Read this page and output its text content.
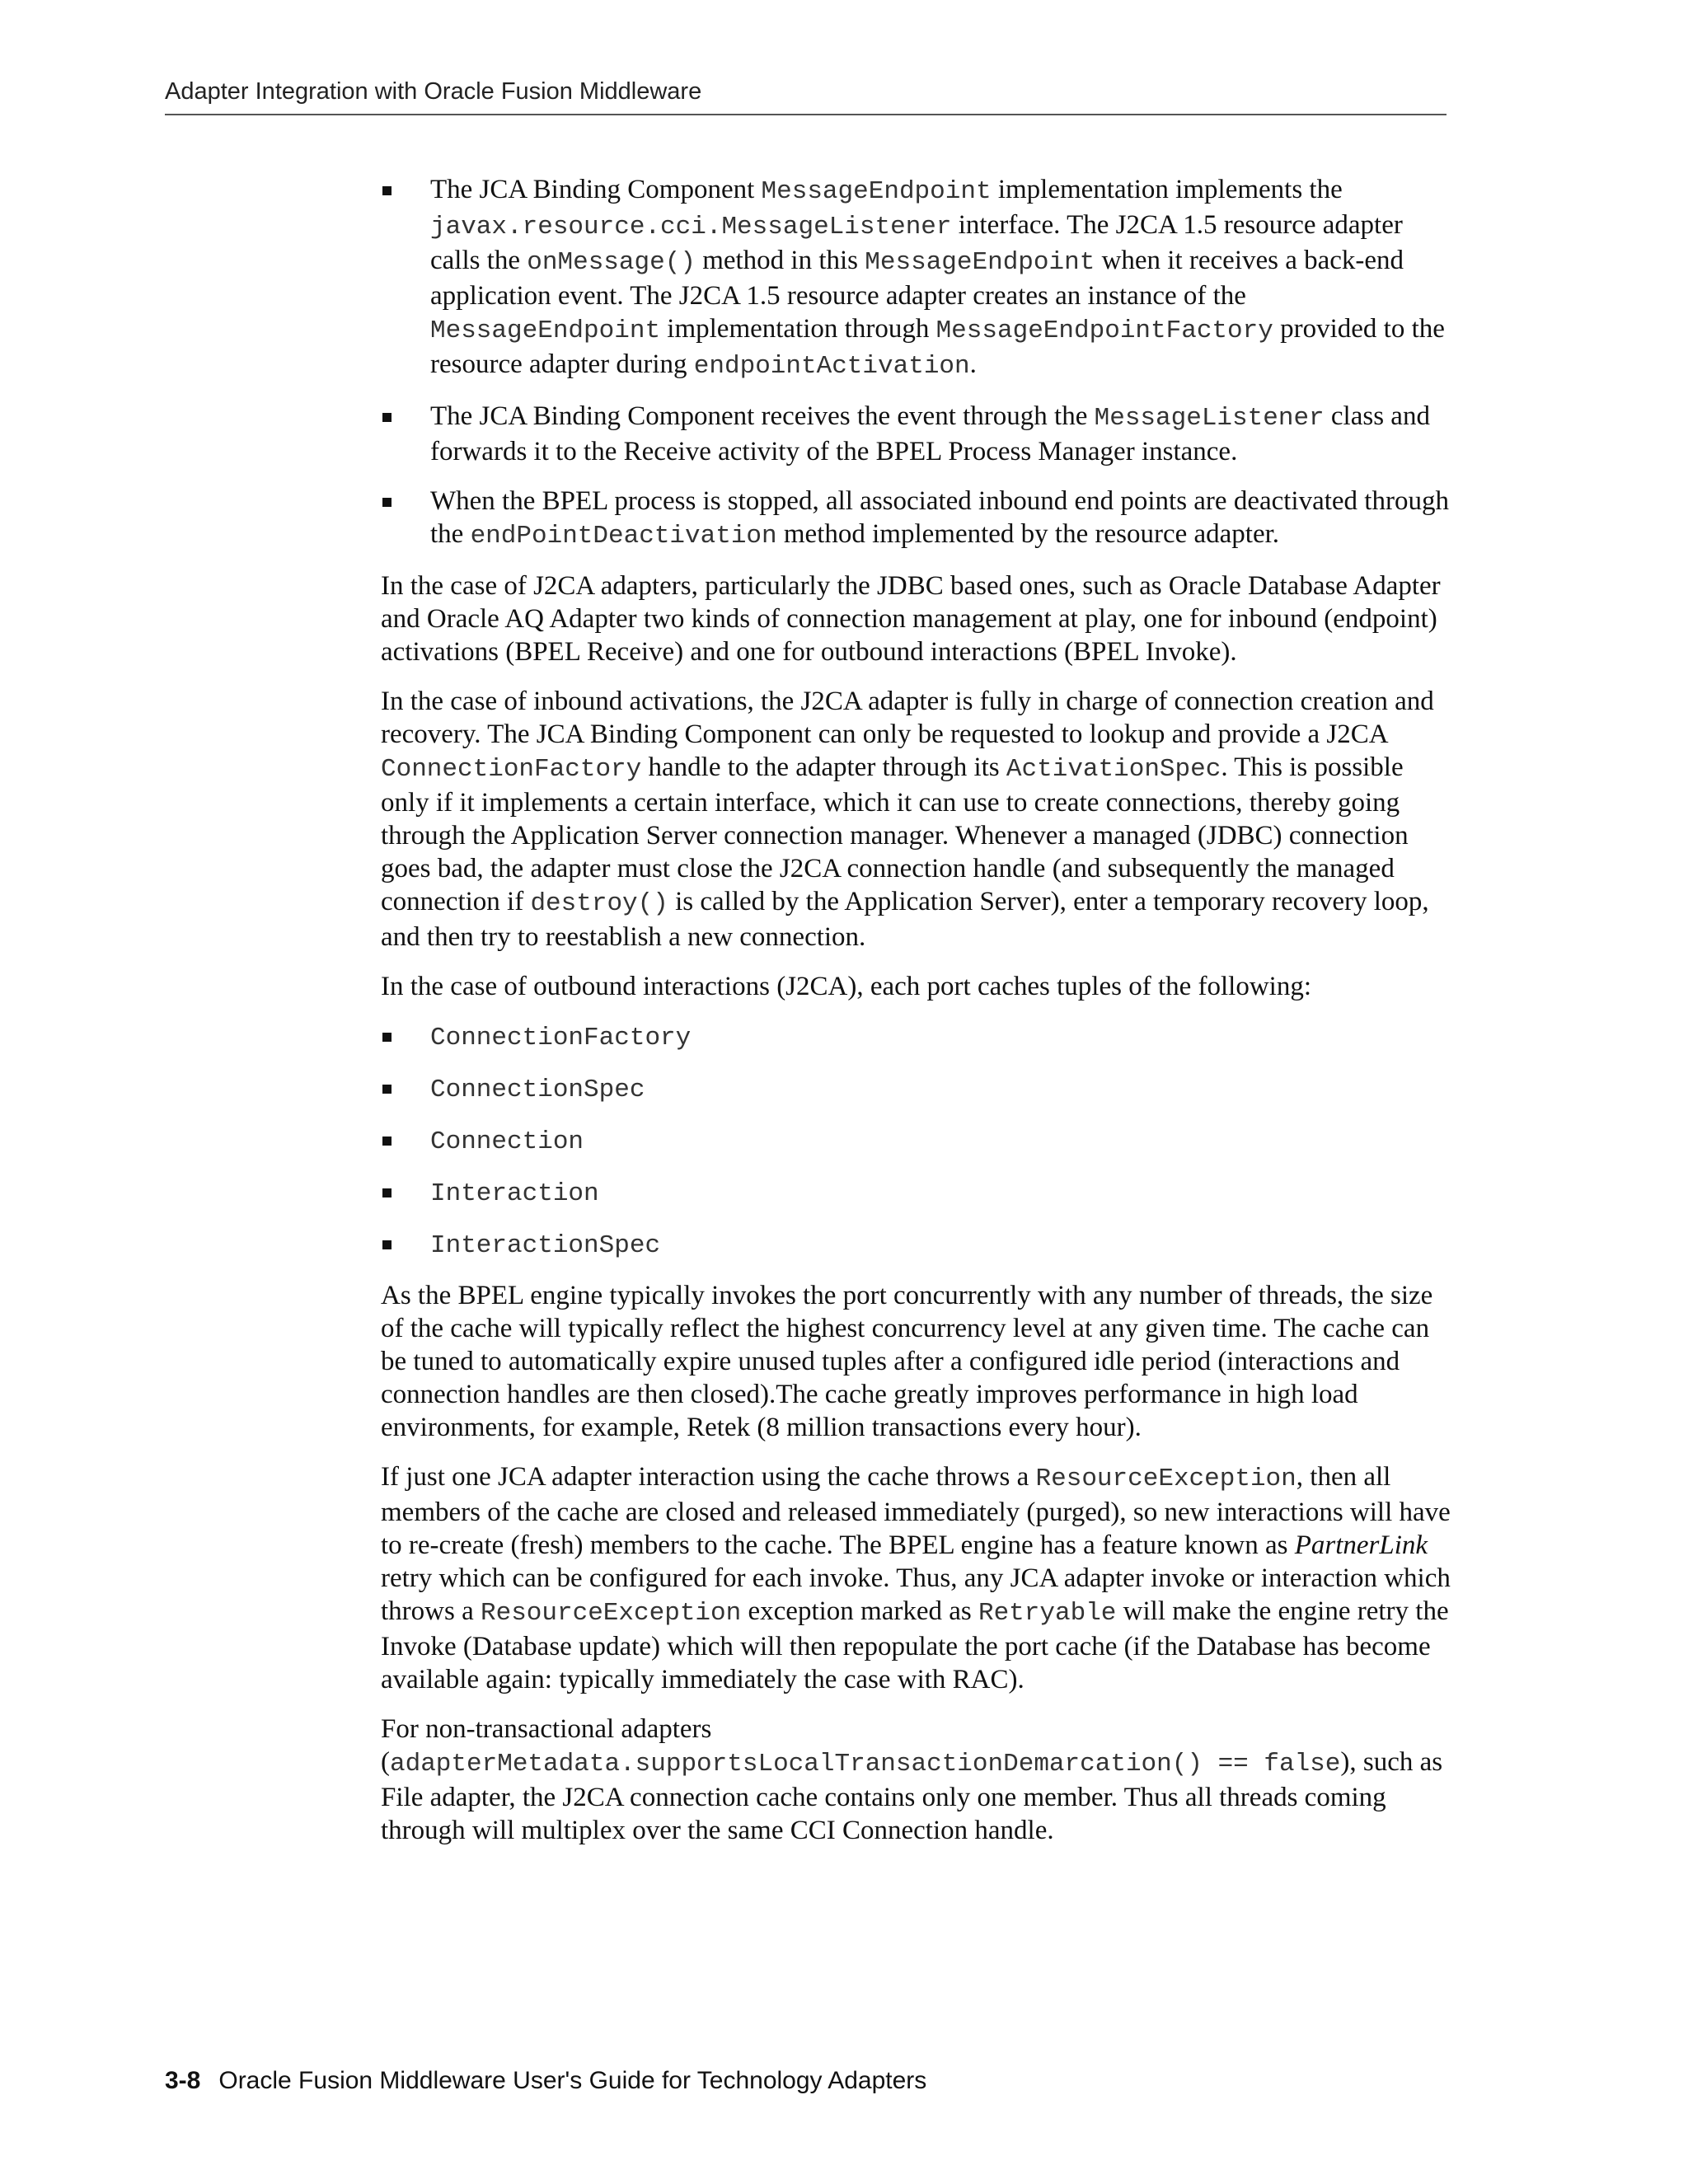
Adapter Integration with Oracle Fusion Middleware
The JCA Binding Component MessageEndpoint implementation implements the javax.resource.cci.MessageListener interface. The J2CA 1.5 resource adapter calls the onMessage() method in this MessageEndpoint when it receives a back-end application event. The J2CA 1.5 resource adapter creates an instance of the MessageEndpoint implementation through MessageEndpointFactory provided to the resource adapter during endpointActivation.
The JCA Binding Component receives the event through the MessageListener class and forwards it to the Receive activity of the BPEL Process Manager instance.
When the BPEL process is stopped, all associated inbound end points are deactivated through the endPointDeactivation method implemented by the resource adapter.

In the case of J2CA adapters, particularly the JDBC based ones, such as Oracle Database Adapter and Oracle AQ Adapter two kinds of connection management at play, one for inbound (endpoint) activations (BPEL Receive) and one for outbound interactions (BPEL Invoke).

In the case of inbound activations, the J2CA adapter is fully in charge of connection creation and recovery. The JCA Binding Component can only be requested to lookup and provide a J2CA ConnectionFactory handle to the adapter through its ActivationSpec. This is possible only if it implements a certain interface, which it can use to create connections, thereby going through the Application Server connection manager. Whenever a managed (JDBC) connection goes bad, the adapter must close the J2CA connection handle (and subsequently the managed connection if destroy() is called by the Application Server), enter a temporary recovery loop, and then try to reestablish a new connection.

In the case of outbound interactions (J2CA), each port caches tuples of the following:

ConnectionFactory
ConnectionSpec
Connection
Interaction
InteractionSpec

As the BPEL engine typically invokes the port concurrently with any number of threads, the size of the cache will typically reflect the highest concurrency level at any given time. The cache can be tuned to automatically expire unused tuples after a configured idle period (interactions and connection handles are then closed).The cache greatly improves performance in high load environments, for example, Retek (8 million transactions every hour).

If just one JCA adapter interaction using the cache throws a ResourceException, then all members of the cache are closed and released immediately (purged), so new interactions will have to re-create (fresh) members to the cache. The BPEL engine has a feature known as PartnerLink retry which can be configured for each invoke. Thus, any JCA adapter invoke or interaction which throws a ResourceException exception marked as Retryable will make the engine retry the Invoke (Database update) which will then repopulate the port cache (if the Database has become available again: typically immediately the case with RAC).

For non-transactional adapters (adapterMetadata.supportsLocalTransactionDemarcation() == false), such as File adapter, the J2CA connection cache contains only one member. Thus all threads coming through will multiplex over the same CCI Connection handle.

3-8 Oracle Fusion Middleware User's Guide for Technology Adapters
